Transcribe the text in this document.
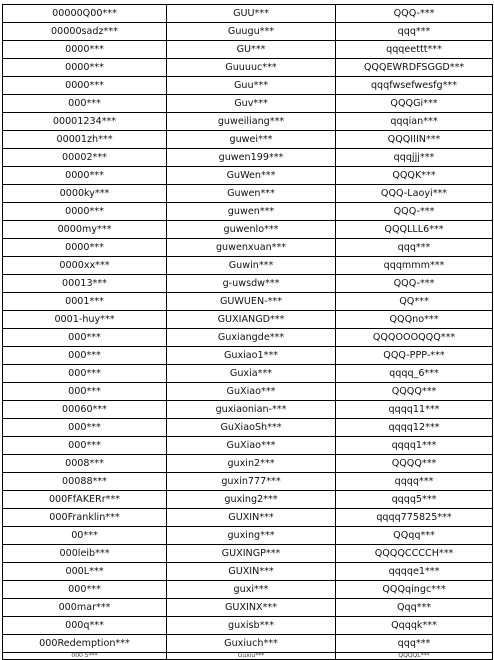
00000Q00***	GUU***	QQQ-***
00000sadz***	Guugu***	qqq***
0000***	GU***	qqqeettt***
0000***	Guuuuc***	QQQEWRDFSGGD***
0000***	Guu***	qqqfwsefwesfg***
000***	Guv***	QQQGi***
00001234***	guweiliang***	qqqian***
00001zh***	guwei***	QQQIIIN***
00002***	guwen199***	qqqjjj***
0000***	GuWen***	QQQK***
0000ky***	Guwen***	QQQ-Laoyi***
0000***	guwen***	QQQ-***
0000my***	guwenlo***	QQQLLL6***
0000***	guwenxuan***	qqq***
0000xx***	Guwin***	qqqmmm***
00013***	g-uwsdw***	QQQ-***
0001***	GUWUEN-***	QQ***
0001-huy***	GUXIANGD***	QQQno***
000***	Guxiangde***	QQQOOOQQQ***
000***	Guxiao1***	QQQ-PPP-***
000***	Guxia***	qqqq_6***
000***	GuXiao***	QQQQ***
00060***	guxiaonian-***	qqqq11***
000***	GuXiaoSh***	qqqq12***
000***	GuXiao***	qqqq1***
0008***	guxin2***	QQQQ***
00088***	guxin777***	qqqq***
000FfAKERr***	guxing2***	qqqq5***
000Franklin***	GUXIN***	qqqq775825***
00***	guxing***	QQqq***
000leib***	GUXINGP***	QQQQCCCCH***
000L***	GUXIN***	qqqqe1***
000***	guxi***	QQQqingc***
000mar***	GUXINX***	Qqq***
000q***	guxisb***	Qqqqk***
000Redemption***	Guxiuch***	qqq***
000 S***	Guxiu***	QQQQL***
